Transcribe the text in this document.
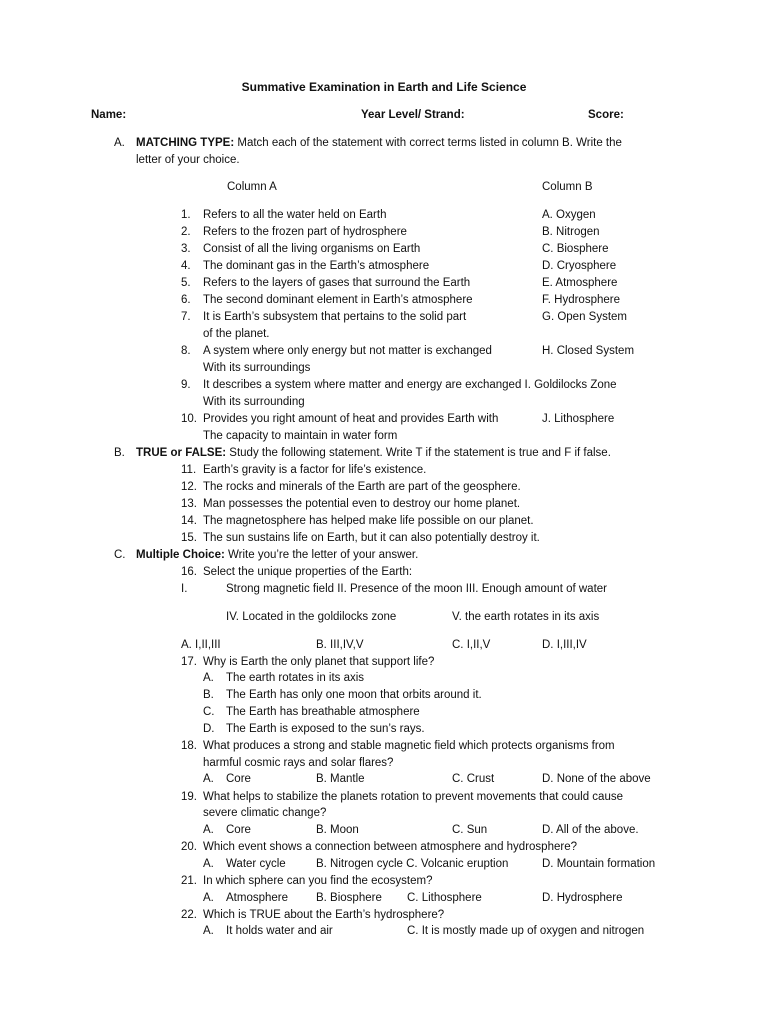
Summative Examination in Earth and Life Science
Name:	Year Level/ Strand:	Score:
A. MATCHING TYPE: Match each of the statement with correct terms listed in column B. Write the
letter of your choice.
Column A	Column B
1. Refers to all the water held on Earth	A. Oxygen
2. Refers to the frozen part of hydrosphere	B. Nitrogen
3. Consist of all the living organisms on Earth	C. Biosphere
4. The dominant gas in the Earth’s atmosphere	D. Cryosphere
5. Refers to the layers of gases that surround the Earth	E. Atmosphere
6. The second dominant element in Earth’s atmosphere	F. Hydrosphere
7. It is Earth’s subsystem that pertains to the solid part
of the planet.
G. Open System
8. A system where only energy but not matter is exchanged
With its surroundings
H. Closed System
9. It describes a system where matter and energy are exchanged I. Goldilocks Zone
With its surrounding
10. Provides you right amount of heat and provides Earth with
The capacity to maintain in water form
J. Lithosphere
B. TRUE or FALSE: Study the following statement. Write T if the statement is true and F if false.
11. Earth’s gravity is a factor for life’s existence.
12. The rocks and minerals of the Earth are part of the geosphere.
13. Man possesses the potential even to destroy our home planet.
14. The magnetosphere has helped make life possible on our planet.
15. The sun sustains life on Earth, but it can also potentially destroy it.
C. Multiple Choice: Write you’re the letter of your answer.
16. Select the unique properties of the Earth:
I.	Strong magnetic field II. Presence of the moon III. Enough amount of water
IV. Located in the goldilocks zone	V. the earth rotates in its axis
A. I,II,III	B. III,IV,V	C. I,II,V	D. I,III,IV
17. Why is Earth the only planet that support life?
A. The earth rotates in its axis
B. The Earth has only one moon that orbits around it.
C. The Earth has breathable atmosphere
D. The Earth is exposed to the sun’s rays.
18. What produces a strong and stable magnetic field which protects organisms from
harmful cosmic rays and solar flares?
A. Core	B. Mantle	C. Crust	D. None of the above
19. What helps to stabilize the planets rotation to prevent movements that could cause
severe climatic change?
A. Core	B. Moon	C. Sun	D. All of the above.
20. Which event shows a connection between atmosphere and hydrosphere?
A. Water cycle	B. Nitrogen cycle C. Volcanic eruption	D. Mountain formation
21. In which sphere can you find the ecosystem?
A. Atmosphere B. Biosphere C. Lithosphere	D. Hydrosphere
22. Which is TRUE about the Earth’s hydrosphere?
A. It holds water and air	C. It is mostly made up of oxygen and nitrogen
